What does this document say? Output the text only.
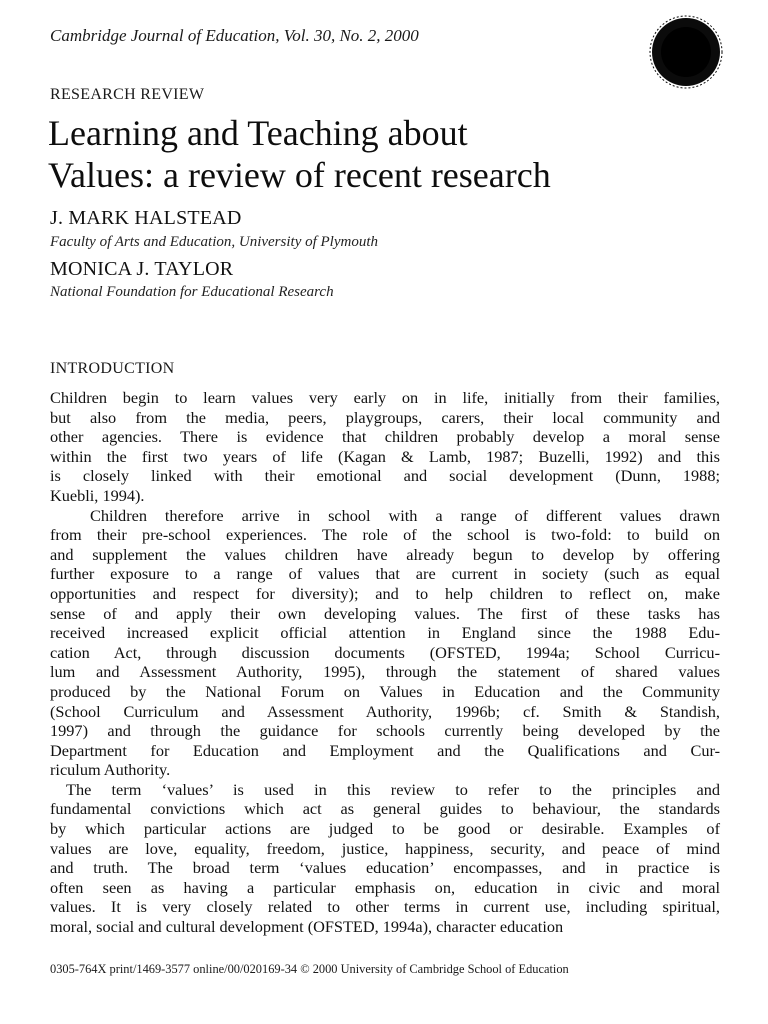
Cambridge Journal of Education, Vol. 30, No. 2, 2000
RESEARCH REVIEW
Learning and Teaching about
Values: a review of recent research
J. MARK HALSTEAD
Faculty of Arts and Education, University of Plymouth
MONICA J. TAYLOR
National Foundation for Educational Research
INTRODUCTION

Children begin to learn values very early on in life, initially from their families,
but also from the media, peers, playgroups, carers, their local community and
other agencies. There is evidence that children probably develop a moral sense
within the first two years of life (Kagan & Lamb, 1987; Buzelli, 1992) and this
is closely linked with their emotional and social development (Dunn, 1988;
Kuebli, 1994).

Children therefore arrive in school with a range of different values drawn
from their pre-school experiences. The role of the school is two-fold: to build on
and supplement the values children have already begun to develop by offering
further exposure to a range of values that are current in society (such as equal
opportunities and respect for diversity); and to help children to reflect on, make
sense of and apply their own developing values. The first of these tasks has
received increased explicit official attention in England since the 1988 Edu-
cation Act, through discussion documents (OFSTED, 1994a; School Curricu-
lum and Assessment Authority, 1995), through the statement of shared values
produced by the National Forum on Values in Education and the Community
(School Curriculum and Assessment Authority, 1996b; cf. Smith & Standish,
1997) and through the guidance for schools currently being developed by the
Department for Education and Employment and the Qualifications and Cur-
riculum Authority.

The term ‘values’ is used in this review to refer to the principles and
fundamental convictions which act as general guides to behaviour, the standards
by which particular actions are judged to be good or desirable. Examples of
values are love, equality, freedom, justice, happiness, security, and peace of mind
and truth. The broad term ‘values education’ encompasses, and in practice is
often seen as having a particular emphasis on, education in civic and moral
values. It is very closely related to other terms in current use, including spiritual,
moral, social and cultural development (OFSTED, 1994a), character education

0305-764X print/1469-3577 online/00/020169-34 © 2000 University of Cambridge School of Education
